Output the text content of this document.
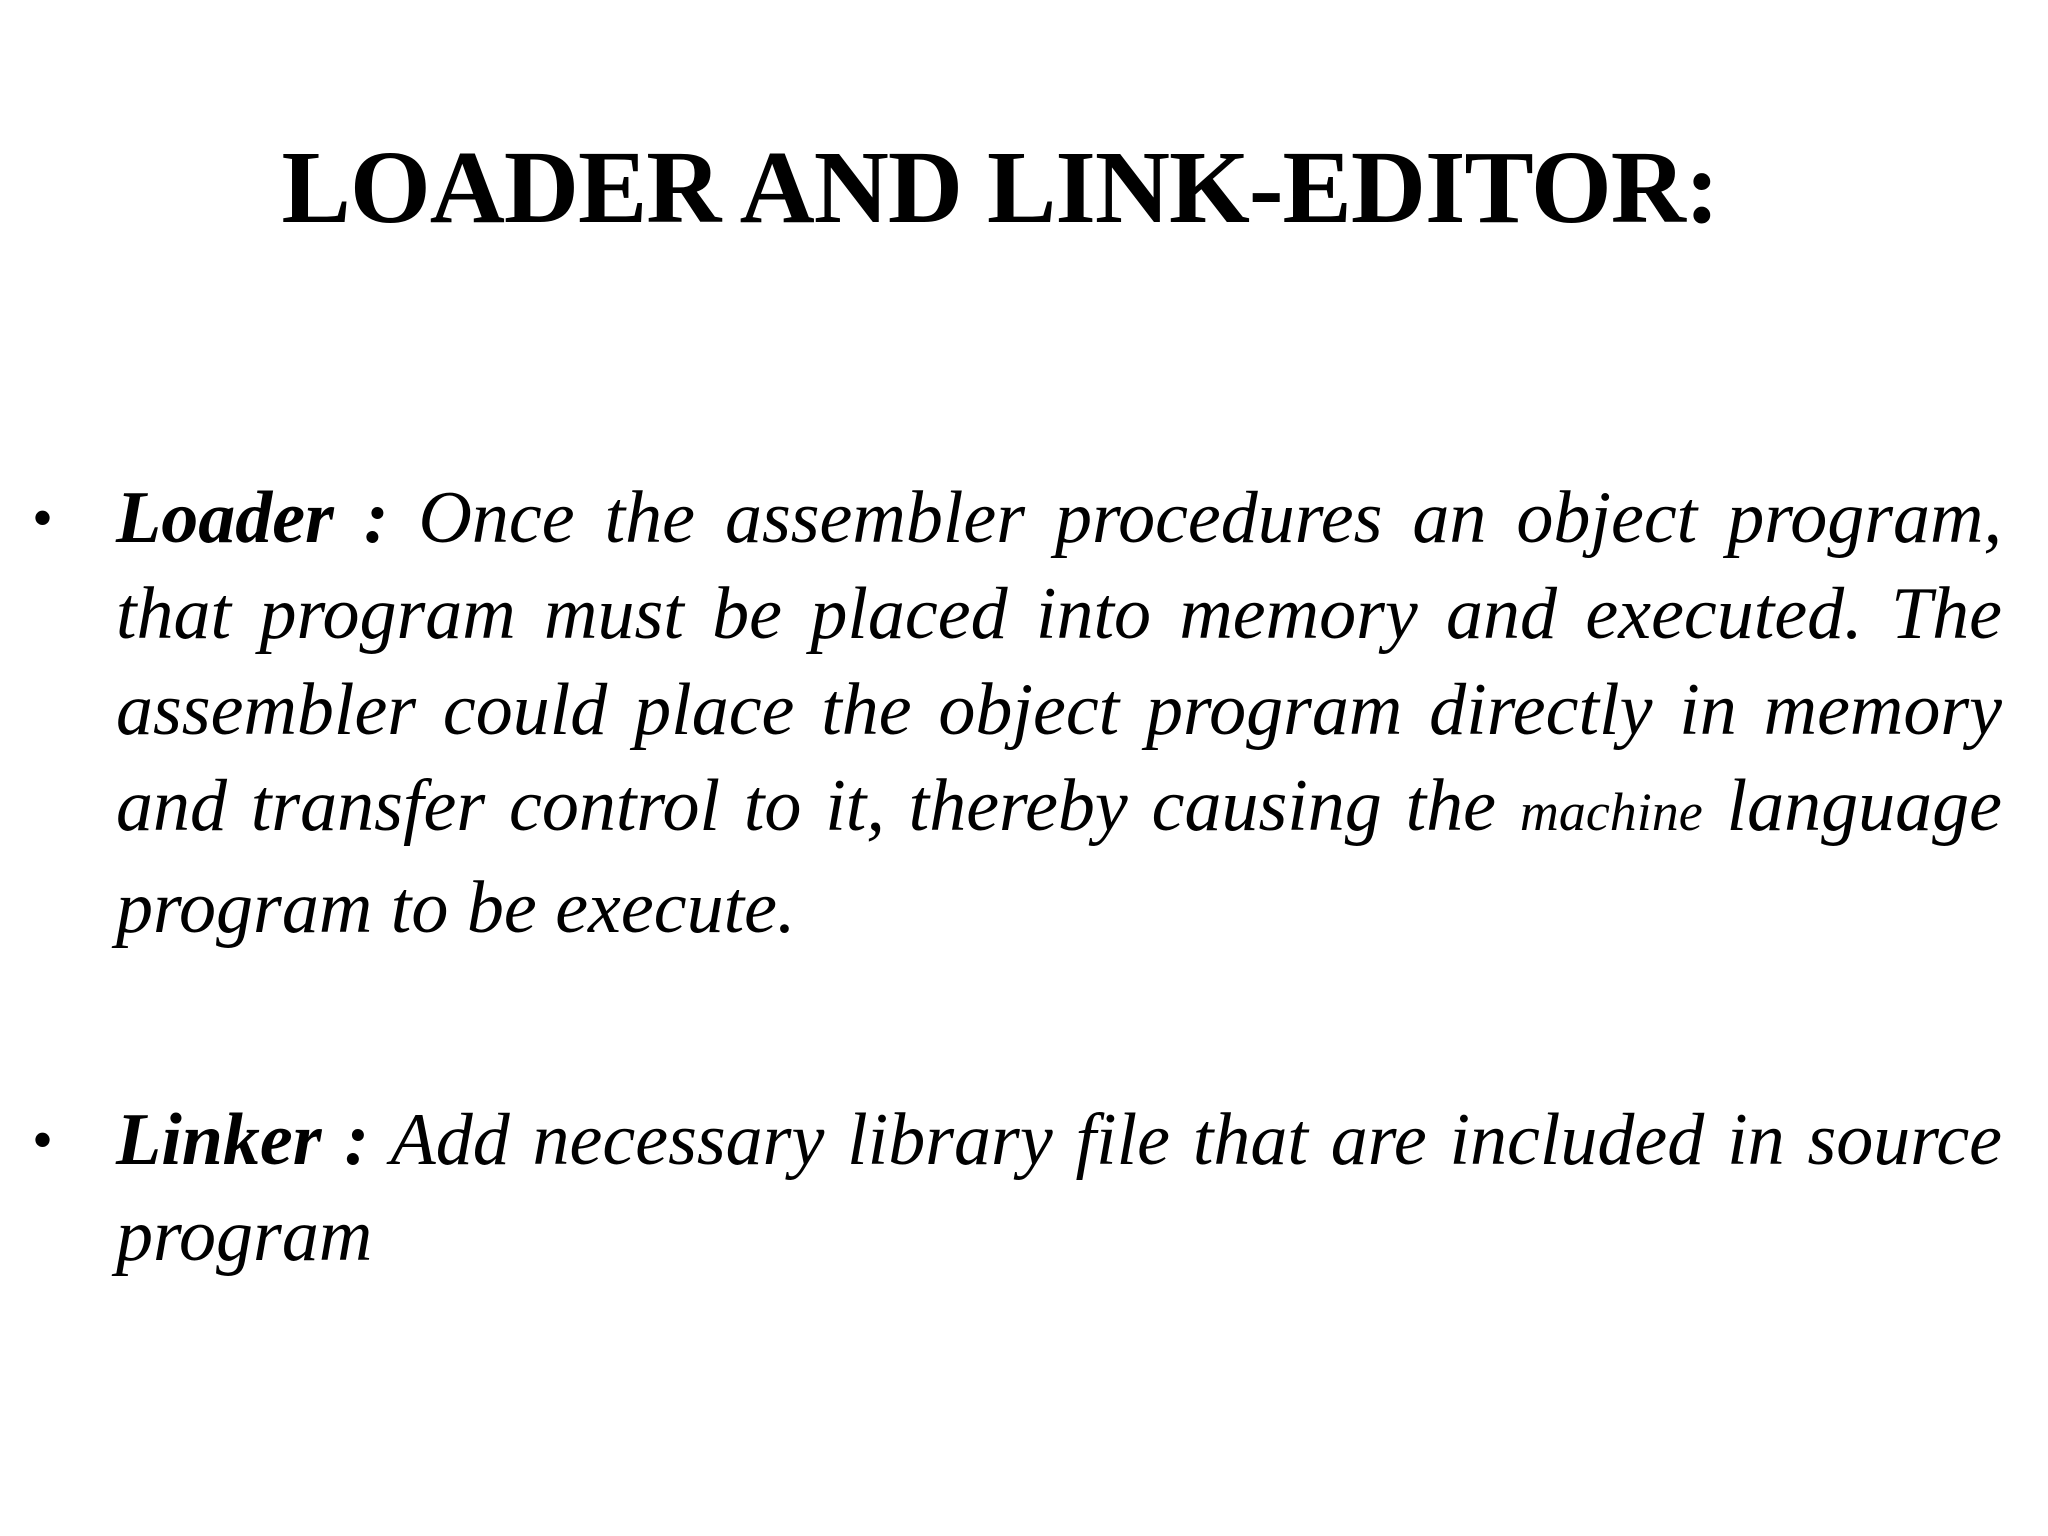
LOADER AND LINK-EDITOR:
• Loader : Once the assembler procedures an object program, that program must be placed into memory and executed. The assembler could place the object program directly in memory and transfer control to it, thereby causing the machine language program to be execute.
• Linker : Add necessary library file that are included in source program
